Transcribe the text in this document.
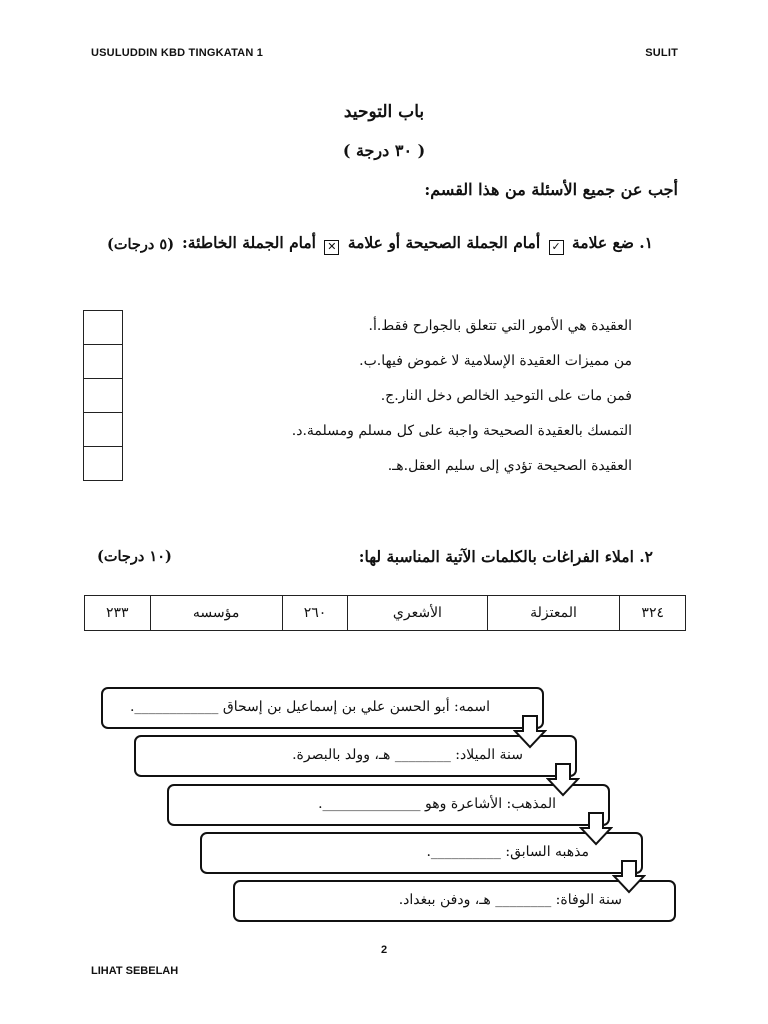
USULUDDIN KBD TINGKATAN 1	SULIT
باب التوحيد
( ٣٠ درجة )
أجب عن جميع الأسئلة من هذا القسم:
١. ضع علامة ✓ أمام الجملة الصحيحة أو علامة ✕ أمام الجملة الخاطئة:
(٥ درجات)
أ. العقيدة هي الأمور التي تتعلق بالجوارح فقط.
ب. من مميزات العقيدة الإسلامية لا غموض فيها.
ج. فمن مات على التوحيد الخالص دخل النار.
د. التمسك بالعقيدة الصحيحة واجبة على كل مسلم ومسلمة.
هـ. العقيدة الصحيحة تؤدي إلى سليم العقل.
٢. املاء الفراغات بالكلمات الآتية المناسبة لها:
(١٠ درجات)
٣٢٤	المعتزلة	الأشعري	٢٦٠	مؤسسه	٢٣٣
اسمه: أبو الحسن علي بن إسماعيل بن إسحاق ____________.
سنة الميلاد: ________ هـ، وولد بالبصرة.
المذهب: الأشاعرة وهو ______________.
مذهبه السابق: __________.
سنة الوفاة: ________ هـ، ودفن ببغداد.
2
LIHAT SEBELAH
